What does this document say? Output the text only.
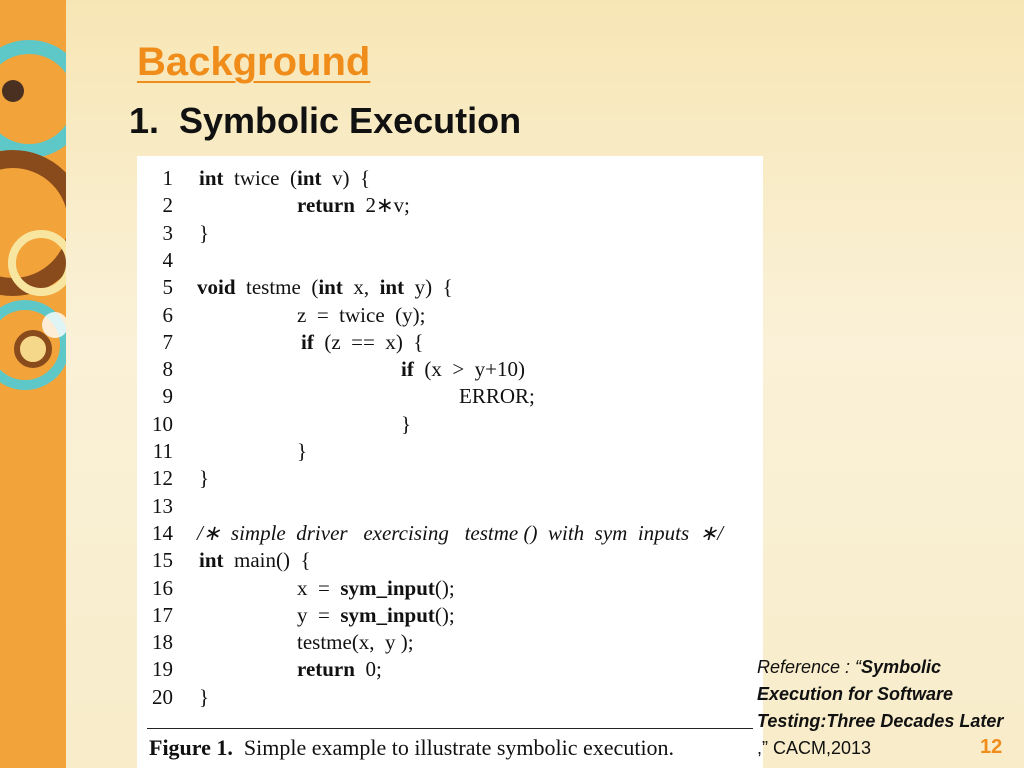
Background
1. Symbolic Execution
1 int  twice  (int  v)  {
2	return  2∗v;
3 }
4
5 void  testme  (int  x,  int  y)  {
6	z  =  twice  (y);
7	if  (z  ==  x)  {
8	if  (x  >  y+10)
9	ERROR;
10	}
11	}
12 }
13
14 /∗  simple  driver   exercising   testme ()  with  sym  inputs  ∗/
15 int  main()  {
16	x  =  sym_input();
17	y  =  sym_input();
18	testme(x,  y );
19	return  0;
20 }
Figure 1. Simple example to illustrate symbolic execution.
Reference : “Symbolic Execution for Software Testing:Three Decades Later ,” CACM,2013	12
